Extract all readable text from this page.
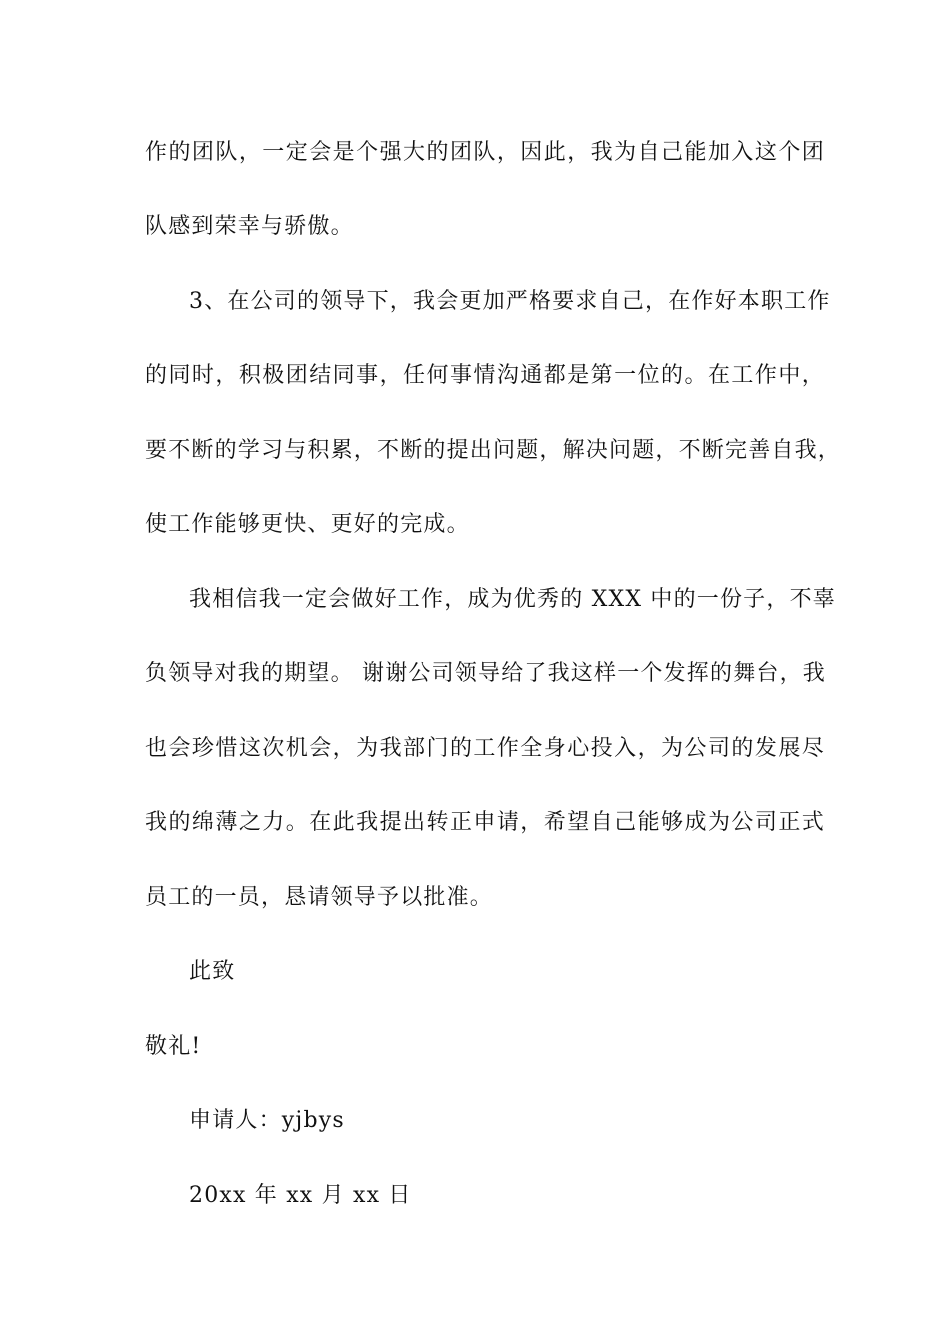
作的团队，一定会是个强大的团队，因此，我为自己能加入这个团
队感到荣幸与骄傲。
3、在公司的领导下，我会更加严格要求自己，在作好本职工作
的同时，积极团结同事，任何事情沟通都是第一位的。在工作中，
要不断的学习与积累，不断的提出问题，解决问题，不断完善自我，
使工作能够更快、更好的完成。
我相信我一定会做好工作，成为优秀的 XXX 中的一份子，不辜
负领导对我的期望。 谢谢公司领导给了我这样一个发挥的舞台，我
也会珍惜这次机会，为我部门的工作全身心投入，为公司的发展尽
我的绵薄之力。在此我提出转正申请，希望自己能够成为公司正式
员工的一员，恳请领导予以批准。
此致
敬礼!
申请人：yjbys
20xx 年 xx 月 xx 日
